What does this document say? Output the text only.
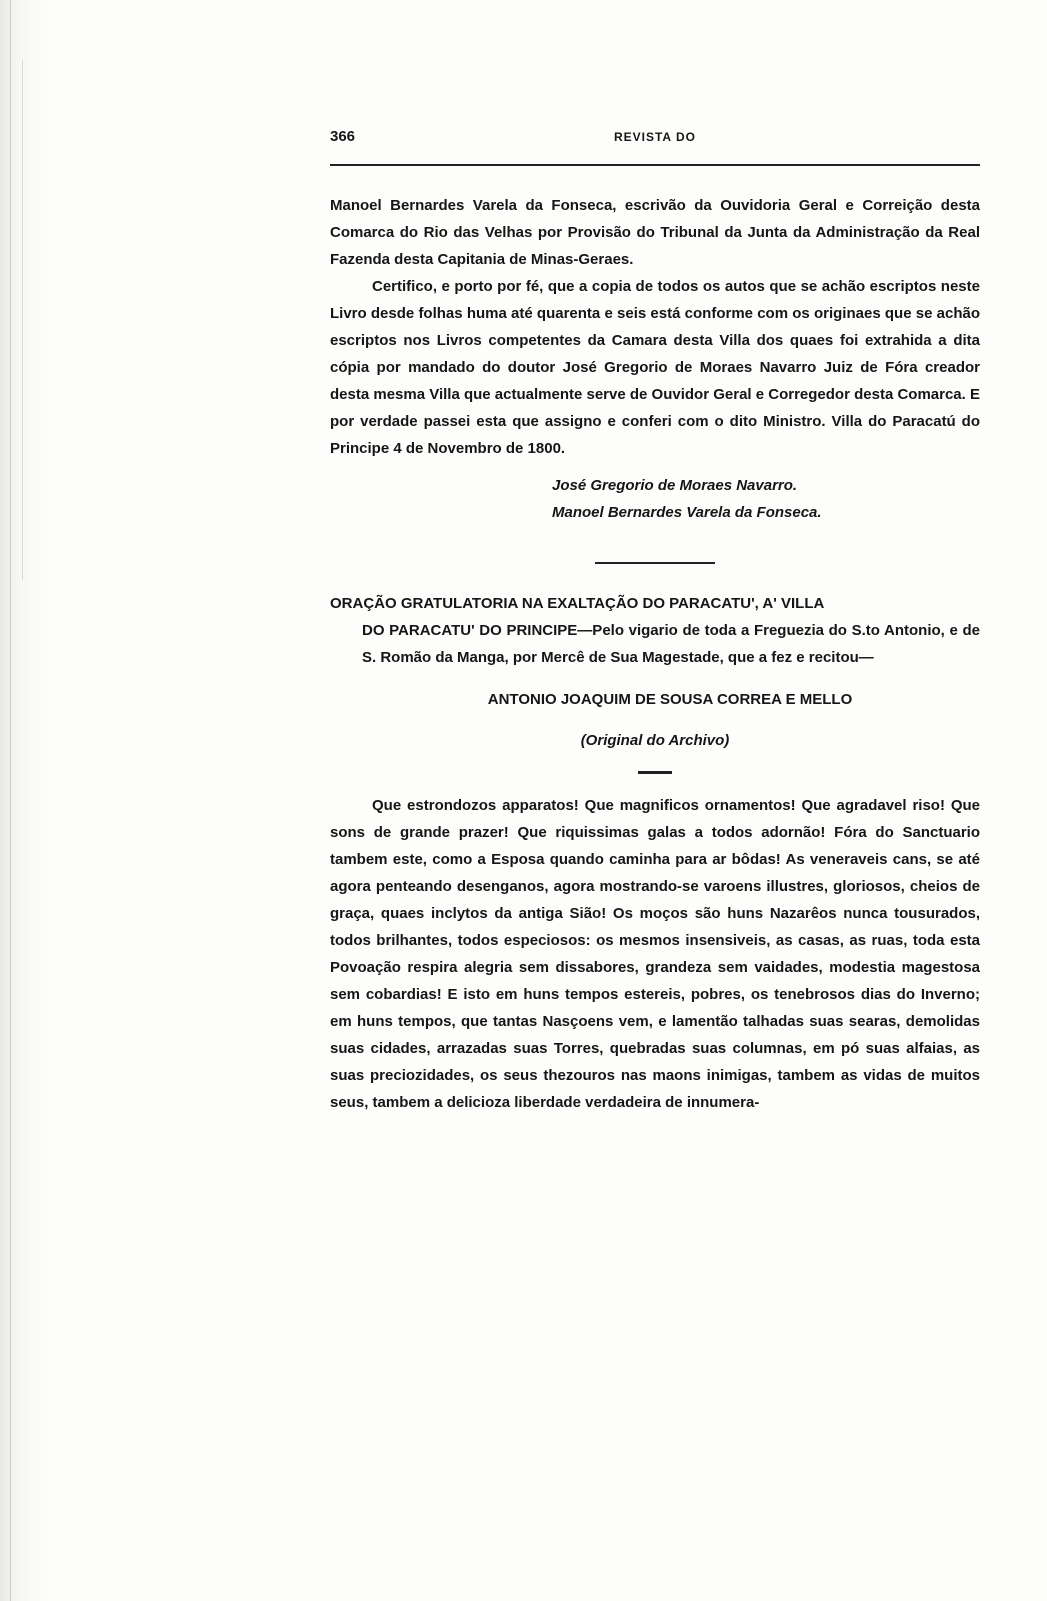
366	REVISTA DO

Manoel Bernardes Varela da Fonseca, escrivão da Ouvidoria Geral e Correição desta Comarca do Rio das Velhas por Provisão do Tribunal da Junta da Administração da Real Fazenda desta Capitania de Minas-Geraes.

Certifico, e porto por fé, que a copia de todos os autos que se achão escriptos neste Livro desde folhas huma até quarenta e seis está conforme com os originaes que se achão escriptos nos Livros competentes da Camara desta Villa dos quaes foi extrahida a dita cópia por mandado do doutor José Gregorio de Moraes Navarro Juiz de Fóra creador desta mesma Villa que actualmente serve de Ouvidor Geral e Corregedor desta Comarca. E por verdade passei esta que assigno e conferi com o dito Ministro. Villa do Paracatú do Principe 4 de Novembro de 1800.

José Gregorio de Moraes Navarro.

Manoel Bernardes Varela da Fonseca.

ORAÇÃO GRATULATORIA NA EXALTAÇÃO DO PARACATU', A' VILLA

DO PARACATU' DO PRINCIPE—Pelo vigario de toda a Freguezia do S.to Antonio, e de S. Romão da Manga, por Mercê de Sua Magestade, que a fez e recitou—

ANTONIO JOAQUIM DE SOUSA CORREA E MELLO

(Original do Archivo)

Que estrondozos apparatos! Que magnificos ornamentos! Que agradavel riso! Que sons de grande prazer! Que riquissimas galas a todos adornão! Fóra do Sanctuario tambem este, como a Esposa quando caminha para ar bôdas! As veneraveis cans, se até agora penteando desenganos, agora mostrando-se varoens illustres, gloriosos, cheios de graça, quaes inclytos da antiga Sião! Os moços são huns Nazarêos nunca tousurados, todos brilhantes, todos especiosos: os mesmos insensiveis, as casas, as ruas, toda esta Povoação respira alegria sem dissabores, grandeza sem vaidades, modestia magestosa sem cobardias! E isto em huns tempos estereis, pobres, os tenebrosos dias do Inverno; em huns tempos, que tantas Nasçoens vem, e lamentão talhadas suas searas, demolidas suas cidades, arrazadas suas Torres, quebradas suas columnas, em pó suas alfaias, as suas preciozidades, os seus thezouros nas maons inimigas, tambem as vidas de muitos seus, tambem a delicioza liberdade verdadeira de innumera-
